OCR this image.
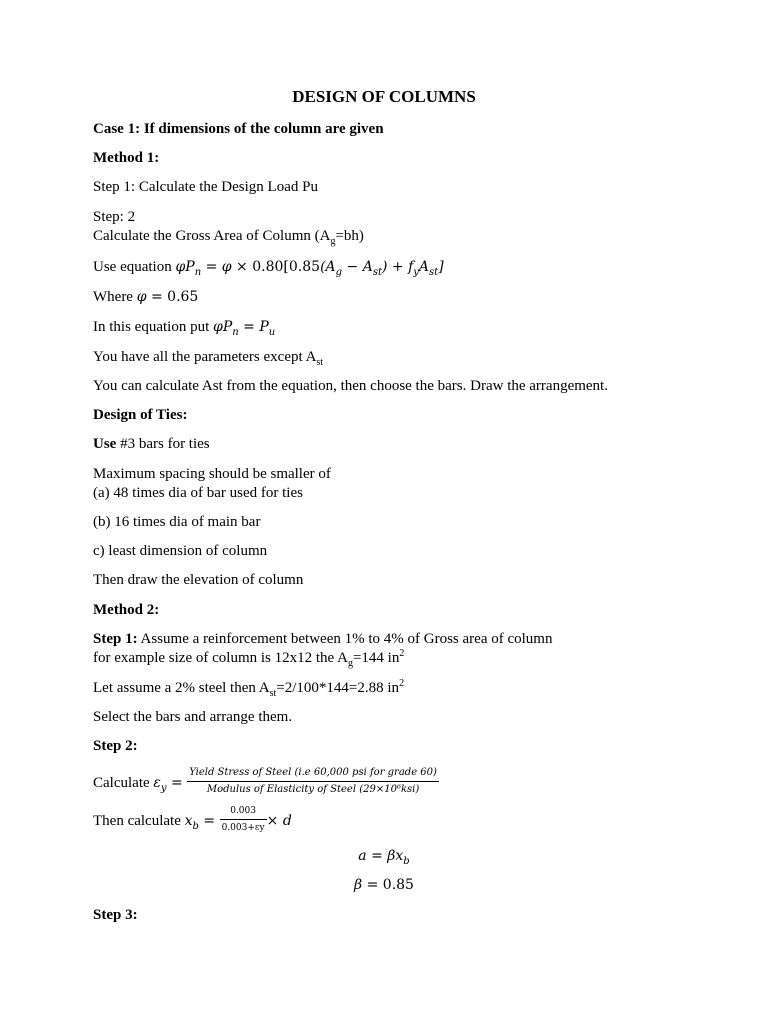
DESIGN OF COLUMNS
Case 1: If dimensions of the column are given
Method 1:
Step 1: Calculate the Design Load Pu
Step: 2
Calculate the Gross Area of Column $(A_g=bh)$
Use equation $\varphi P_n = \varphi \times 0.80[0.85(A_g - A_{st}) + f_yA_{st}]$
Where φ = 0.65
In this equation put $\varphi P_n = P_u$
You have all the parameters except $A_{st}$
You can calculate Ast from the equation, then choose the bars. Draw the arrangement.
Design of Ties:
Use #3 bars for ties
Maximum spacing should be smaller of
(a) 48 times dia of bar used for ties
(b) 16 times dia of main bar
c) least dimension of column
Then draw the elevation of column
Method 2:
Step 1: Assume a reinforcement between 1% to 4% of Gross area of column
for example size of column is 12x12 the $A_g=144$ $in^2$
Let assume a 2% steel then $A_{st}=2/100*144=2.88$ $in^2$
Select the bars and arrange them.
Step 2:
Calculate $\varepsilon_y = \frac{\text{Yield Stress of Steel (i.e 60,000 psi for grade 60)}}{\text{Modulus of Elasticity of Steel (29×10⁶ksi)}}$
Then calculate $x_b = \frac{0.003}{0.003+\varepsilon y} \times d$
$a = \beta x_b$
β = 0.85
Step 3:
